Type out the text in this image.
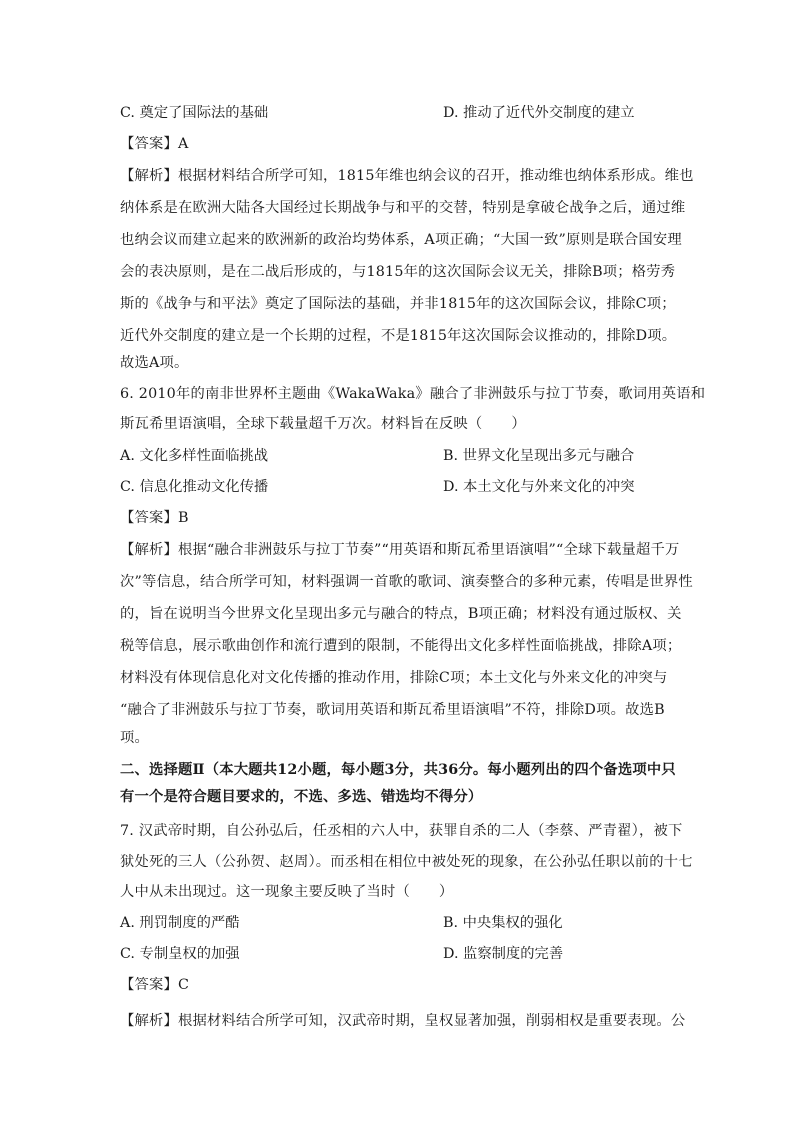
C. 奠定了国际法的基础	D. 推动了近代外交制度的建立
【答案】A
【解析】根据材料结合所学可知，1815年维也纳会议的召开，推动维也纳体系形成。维也
纳体系是在欧洲大陆各大国经过长期战争与和平的交替，特别是拿破仑战争之后，通过维
也纳会议而建立起来的欧洲新的政治均势体系，A项正确；“大国一致”原则是联合国安理
会的表决原则，是在二战后形成的，与1815年的这次国际会议无关，排除B项；格劳秀
斯的《战争与和平法》奠定了国际法的基础，并非1815年的这次国际会议，排除C项；
近代外交制度的建立是一个长期的过程，不是1815年这次国际会议推动的，排除D项。
故选A项。
6. 2010年的南非世界杯主题曲《WakaWaka》融合了非洲鼓乐与拉丁节奏，歌词用英语和
斯瓦希里语演唱，全球下载量超千万次。材料旨在反映（　　）
A. 文化多样性面临挑战	B. 世界文化呈现出多元与融合
C. 信息化推动文化传播	D. 本土文化与外来文化的冲突
【答案】B
【解析】根据“融合非洲鼓乐与拉丁节奏”“用英语和斯瓦希里语演唱”“全球下载量超千万
次”等信息，结合所学可知，材料强调一首歌的歌词、演奏整合的多种元素，传唱是世界性
的，旨在说明当今世界文化呈现出多元与融合的特点，B项正确；材料没有通过版权、关
税等信息，展示歌曲创作和流行遭到的限制，不能得出文化多样性面临挑战，排除A项；
材料没有体现信息化对文化传播的推动作用，排除C项；本土文化与外来文化的冲突与
“融合了非洲鼓乐与拉丁节奏，歌词用英语和斯瓦希里语演唱”不符，排除D项。故选B
项。
二、选择题Ⅱ（本大题共12小题，每小题3分，共36分。每小题列出的四个备选项中只
有一个是符合题目要求的，不选、多选、错选均不得分）
7. 汉武帝时期，自公孙弘后，任丞相的六人中，获罪自杀的二人（李蔡、严青翟），被下
狱处死的三人（公孙贺、赵周）。而丞相在相位中被处死的现象，在公孙弘任职以前的十七
人中从未出现过。这一现象主要反映了当时（　　）
A. 刑罚制度的严酷	B. 中央集权的强化
C. 专制皇权的加强	D. 监察制度的完善
【答案】C
【解析】根据材料结合所学可知，汉武帝时期，皇权显著加强，削弱相权是重要表现。公
